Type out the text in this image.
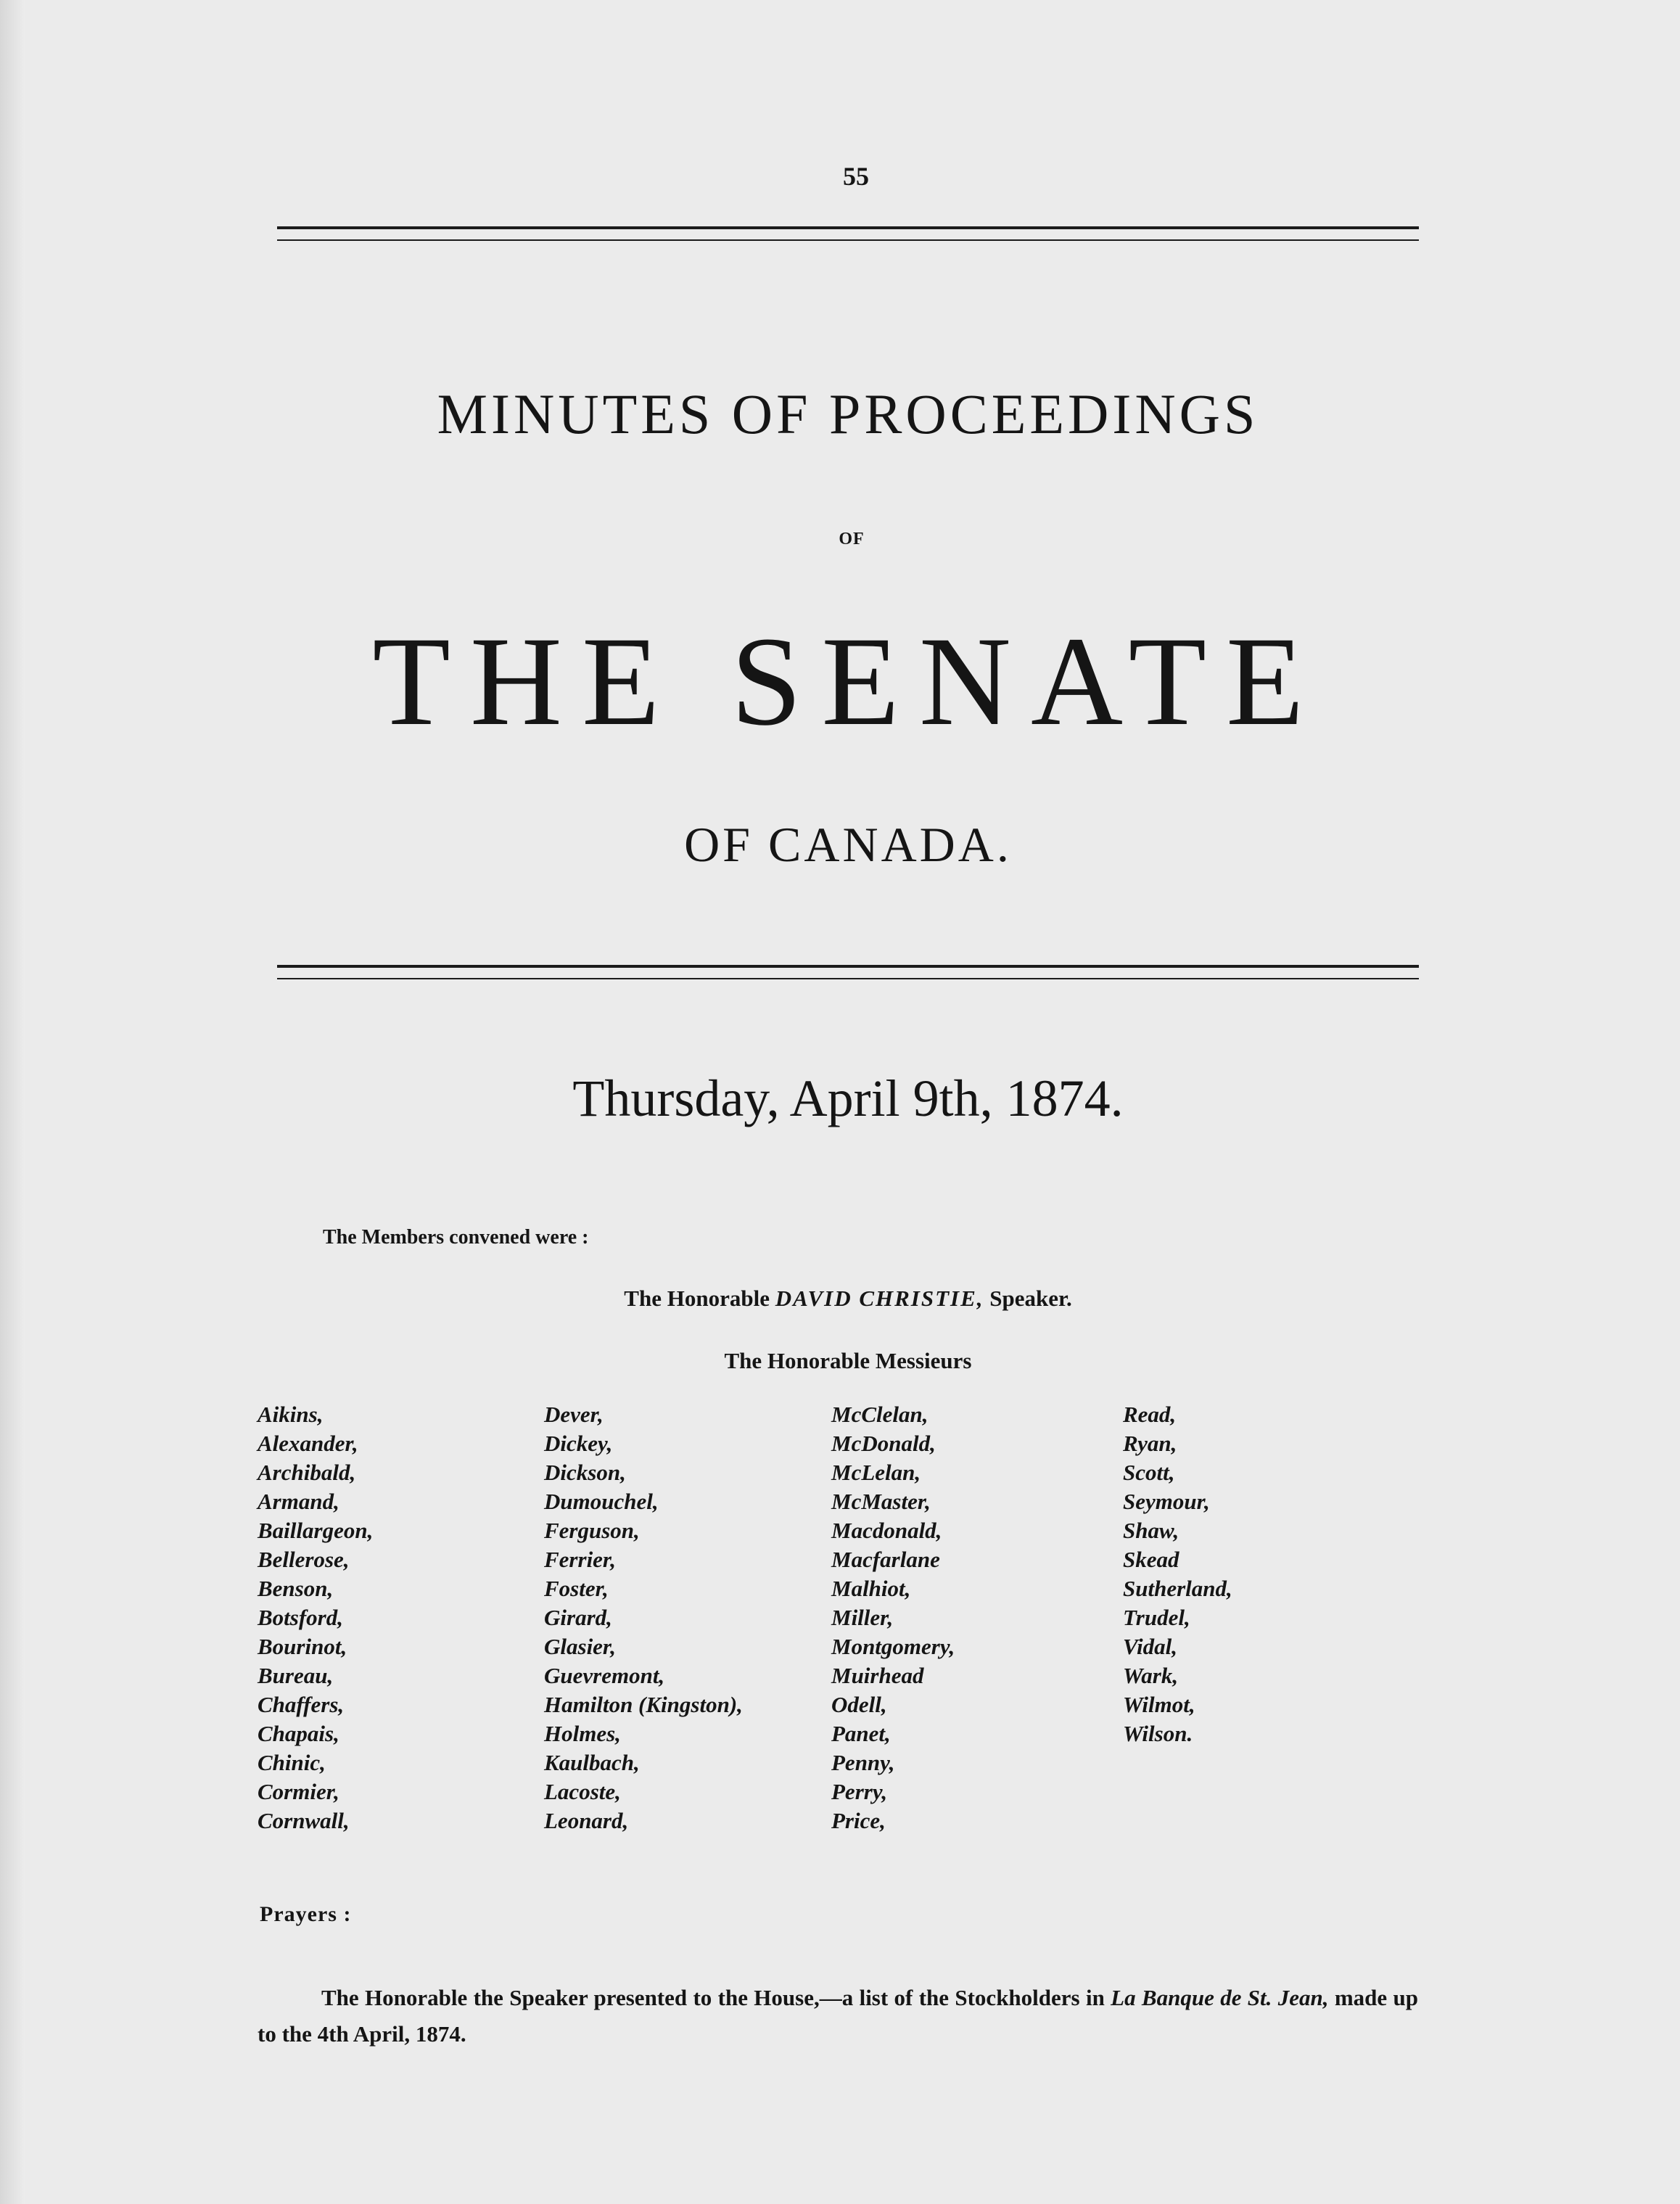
55
MINUTES OF PROCEEDINGS
OF
THE SENATE
OF CANADA.
Thursday, April 9th, 1874.
The Members convened were :
The Honorable DAVID CHRISTIE, Speaker.
The Honorable Messieurs
Aikins,
Alexander,
Archibald,
Armand,
Baillargeon,
Bellerose,
Benson,
Botsford,
Bourinot,
Bureau,
Chaffers,
Chapais,
Chinic,
Cormier,
Cornwall,
Dever,
Dickey,
Dickson,
Dumouchel,
Ferguson,
Ferrier,
Foster,
Girard,
Glasier,
Guevremont,
Hamilton (Kingston),
Holmes,
Kaulbach,
Lacoste,
Leonard,
McClelan,
McDonald,
McLelan,
McMaster,
Macdonald,
Macfarlane
Malhiot,
Miller,
Montgomery,
Muirhead
Odell,
Panet,
Penny,
Perry,
Price,
Read,
Ryan,
Scott,
Seymour,
Shaw,
Skead
Sutherland,
Trudel,
Vidal,
Wark,
Wilmot,
Wilson.
Prayers :

The Honorable the Speaker presented to the House,—a list of the Stockholders in La Banque de St. Jean, made up to the 4th April, 1874.
